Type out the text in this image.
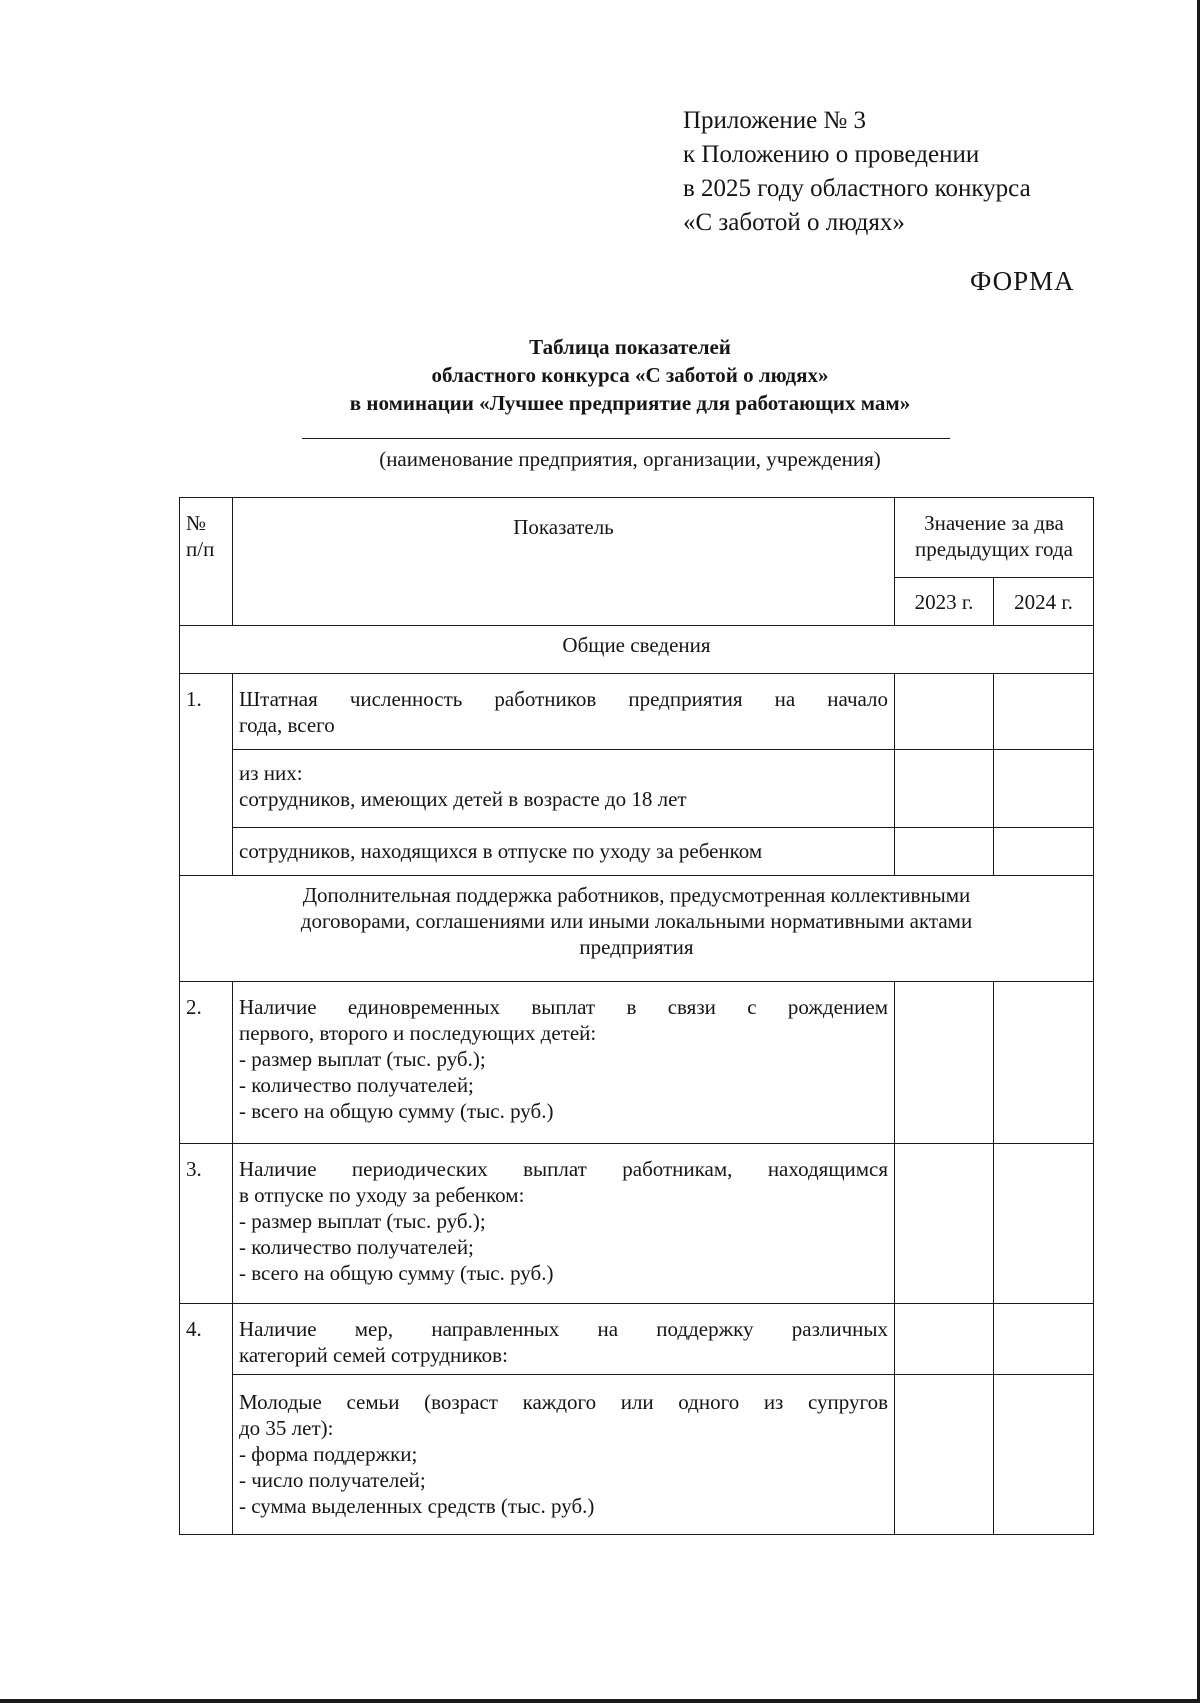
Приложение № 3
к Положению о проведении
в 2025 году областного конкурса
«С заботой о людях»
ФОРМА
Таблица показателей
областного конкурса «С заботой о людях»
в номинации «Лучшее предприятие для работающих мам»
(наименование предприятия, организации, учреждения)
№ п/п	Показатель	Значение за два предыдущих года	
		2023 г.	2024 г.
Общие сведения			
1.	Штатная численность работников предприятия на начало
года, всего		

	из них:
сотрудников, имеющих детей в возрасте до 18 лет		

	сотрудников, находящихся в отпуске по уходу за ребенком		

Дополнительная поддержка работников, предусмотренная коллективными
договорами, соглашениями или иными локальными нормативными актами
предприятия			

2.	Наличие единовременных выплат в связи с рождением
первого, второго и последующих детей:
- размер выплат (тыс. руб.);
- количество получателей;
- всего на общую сумму (тыс. руб.)		

3.	Наличие периодических выплат работникам, находящимся
в отпуске по уходу за ребенком:
- размер выплат (тыс. руб.);
- количество получателей;
- всего на общую сумму (тыс. руб.)		

4.	Наличие мер, направленных на поддержку различных
категорий семей сотрудников:		

	Молодые семьи (возраст каждого или одного из супругов
до 35 лет):
- форма поддержки;
- число получателей;
- сумма выделенных средств (тыс. руб.)		
